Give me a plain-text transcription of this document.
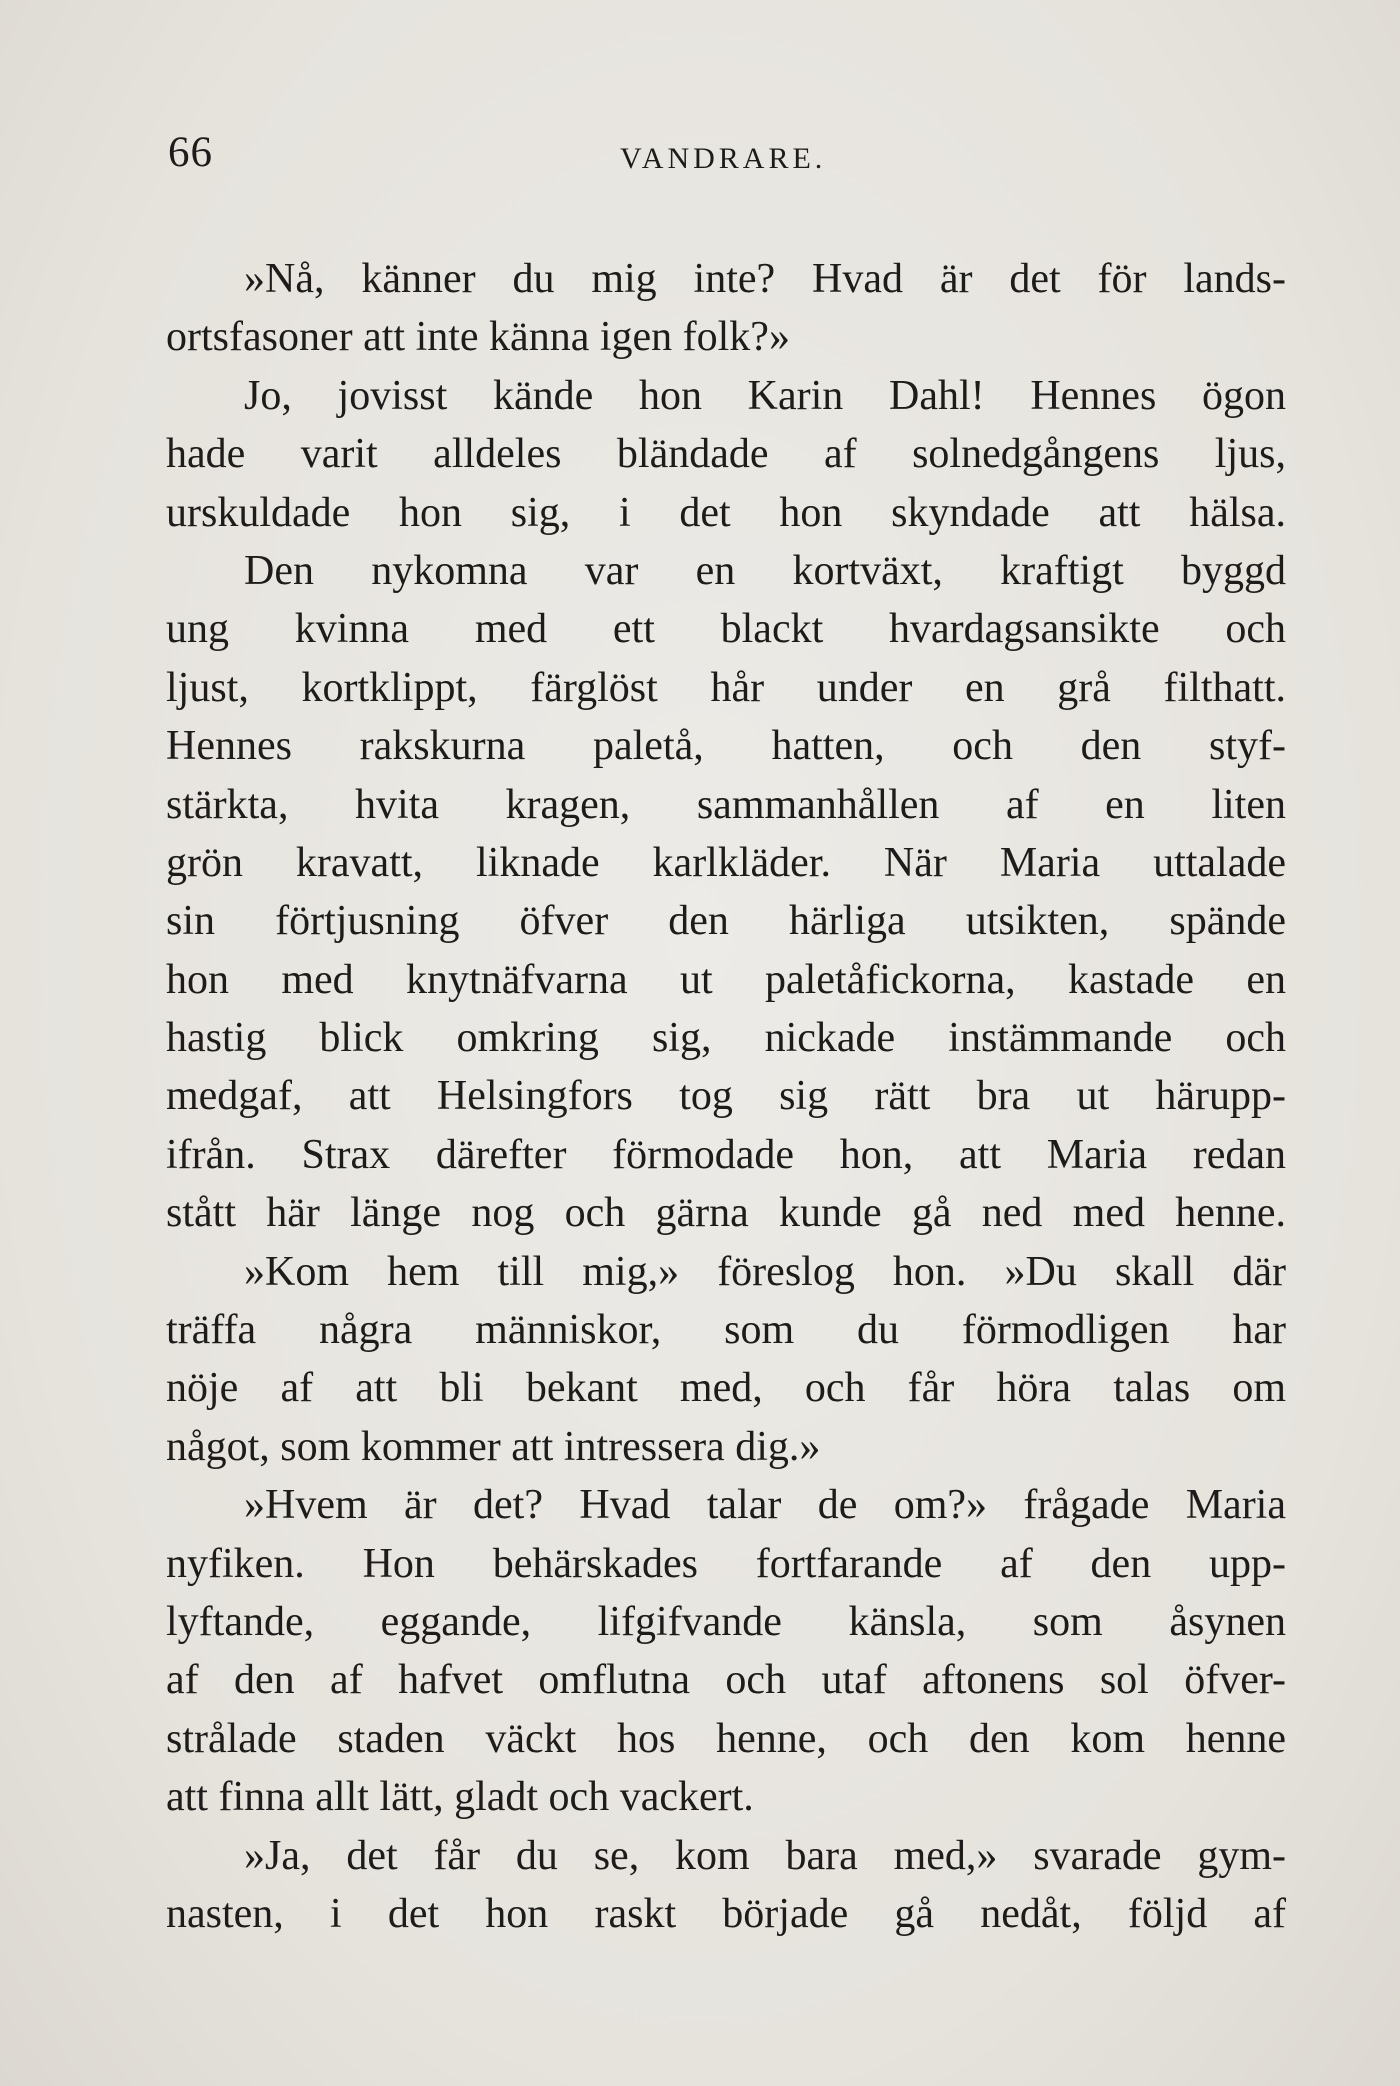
66	VANDRARE.
»Nå, känner du mig inte? Hvad är det för lands-
ortsfasoner att inte känna igen folk?»
Jo, jovisst kände hon Karin Dahl! Hennes ögon
hade varit alldeles bländade af solnedgångens ljus,
urskuldade hon sig, i det hon skyndade att hälsa.
Den nykomna var en kortväxt, kraftigt byggd
ung kvinna med ett blackt hvardagsansikte och
ljust, kortklippt, färglöst hår under en grå filthatt.
Hennes rakskurna paletå, hatten, och den styf-
stärkta, hvita kragen, sammanhållen af en liten
grön kravatt, liknade karlkläder. När Maria uttalade
sin förtjusning öfver den härliga utsikten, spände
hon med knytnäfvarna ut paletåfickorna, kastade en
hastig blick omkring sig, nickade instämmande och
medgaf, att Helsingfors tog sig rätt bra ut härupp-
ifrån. Strax därefter förmodade hon, att Maria redan
stått här länge nog och gärna kunde gå ned med henne.
»Kom hem till mig,» föreslog hon. »Du skall där
träffa några människor, som du förmodligen har
nöje af att bli bekant med, och får höra talas om
något, som kommer att intressera dig.»
»Hvem är det? Hvad talar de om?» frågade Maria
nyfiken. Hon behärskades fortfarande af den upp-
lyftande, eggande, lifgifvande känsla, som åsynen
af den af hafvet omflutna och utaf aftonens sol öfver-
strålade staden väckt hos henne, och den kom henne
att finna allt lätt, gladt och vackert.
»Ja, det får du se, kom bara med,» svarade gym-
nasten, i det hon raskt började gå nedåt, följd af
